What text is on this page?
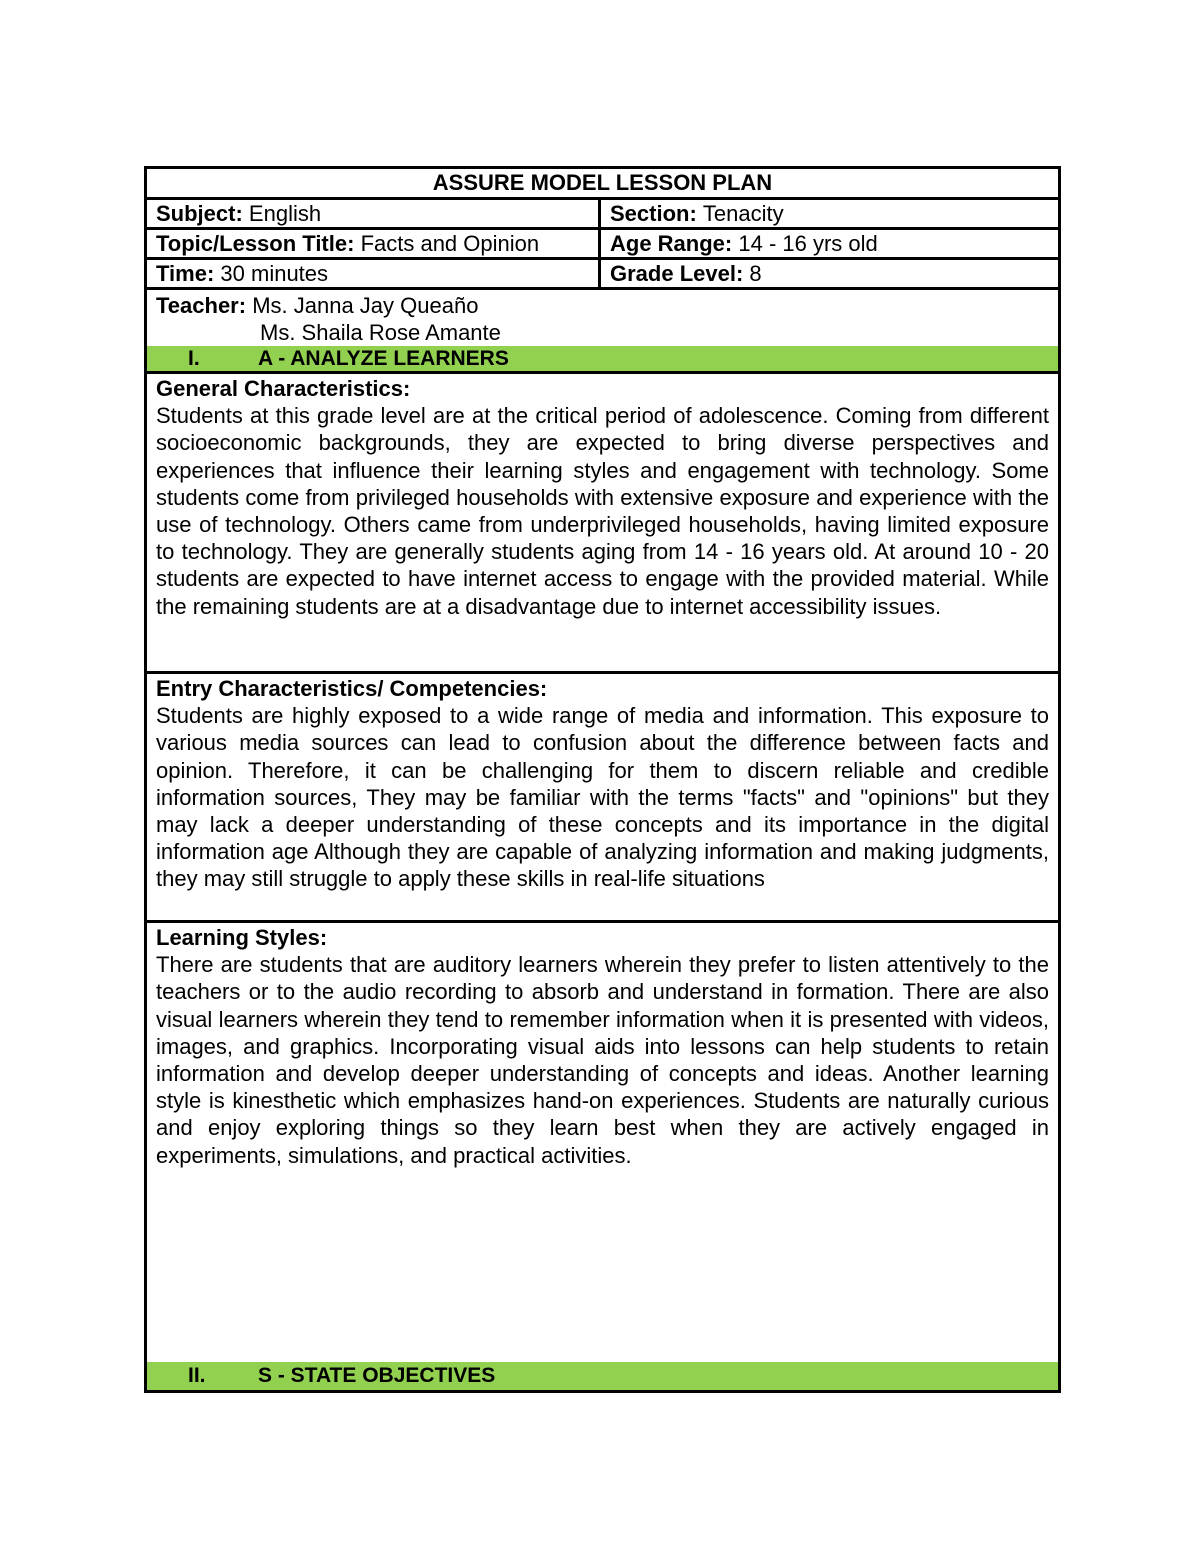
ASSURE MODEL LESSON PLAN
Subject:
English	Section:
Tenacity
Topic/Lesson Title:
Facts and Opinion	Age Range:
14 - 16 yrs old
Time:
30 minutes	Grade Level:
8
Teacher: Ms. Janna Jay Queaño
Ms. Shaila Rose Amante
I.	A - ANALYZE LEARNERS
General Characteristics:
Students at this grade level are at the critical period of adolescence. Coming from different socioeconomic backgrounds, they are expected to bring diverse perspectives and experiences that influence their learning styles and engagement with technology. Some students come from privileged households with extensive exposure and experience with the use of technology. Others came from underprivileged households, having limited exposure to technology. They are generally students aging from 14 - 16 years old. At around 10 - 20 students are expected to have internet access to engage with the provided material. While the remaining students are at a disadvantage due to internet accessibility issues.
Entry Characteristics/ Competencies:
Students are highly exposed to a wide range of media and information. This exposure to various media sources can lead to confusion about the difference between facts and opinion. Therefore, it can be challenging for them to discern reliable and credible information sources, They may be familiar with the terms "facts" and "opinions" but they may lack a deeper understanding of these concepts and its importance in the digital information age Although they are capable of analyzing information and making judgments, they may still struggle to apply these skills in real-life situations
Learning Styles:
There are students that are auditory learners wherein they prefer to listen attentively to the teachers or to the audio recording to absorb and understand in formation. There are also visual learners wherein they tend to remember information when it is presented with videos, images, and graphics. Incorporating visual aids into lessons can help students to retain information and develop deeper understanding of concepts and ideas. Another learning style is kinesthetic which emphasizes hand-on experiences. Students are naturally curious and enjoy exploring things so they learn best when they are actively engaged in experiments, simulations, and practical activities.
II.	S - STATE OBJECTIVES
